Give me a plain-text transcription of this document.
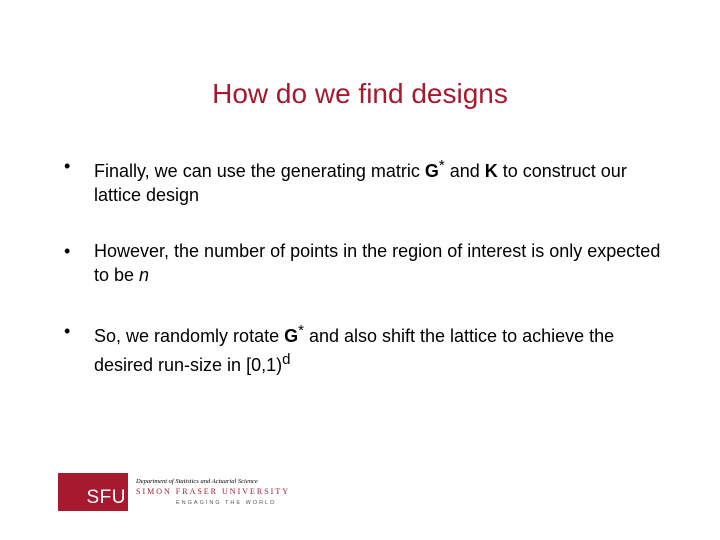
How do we find designs
• Finally, we can use the generating matric G* and K to construct our lattice design
• However, the number of points in the region of interest is only expected to be n
• So, we randomly rotate G* and also shift the lattice to achieve the desired run-size in [0,1)$^d$
SFU
Department of Statistics and Actuarial Science
SIMON FRASER UNIVERSITY
ENGAGING THE WORLD
